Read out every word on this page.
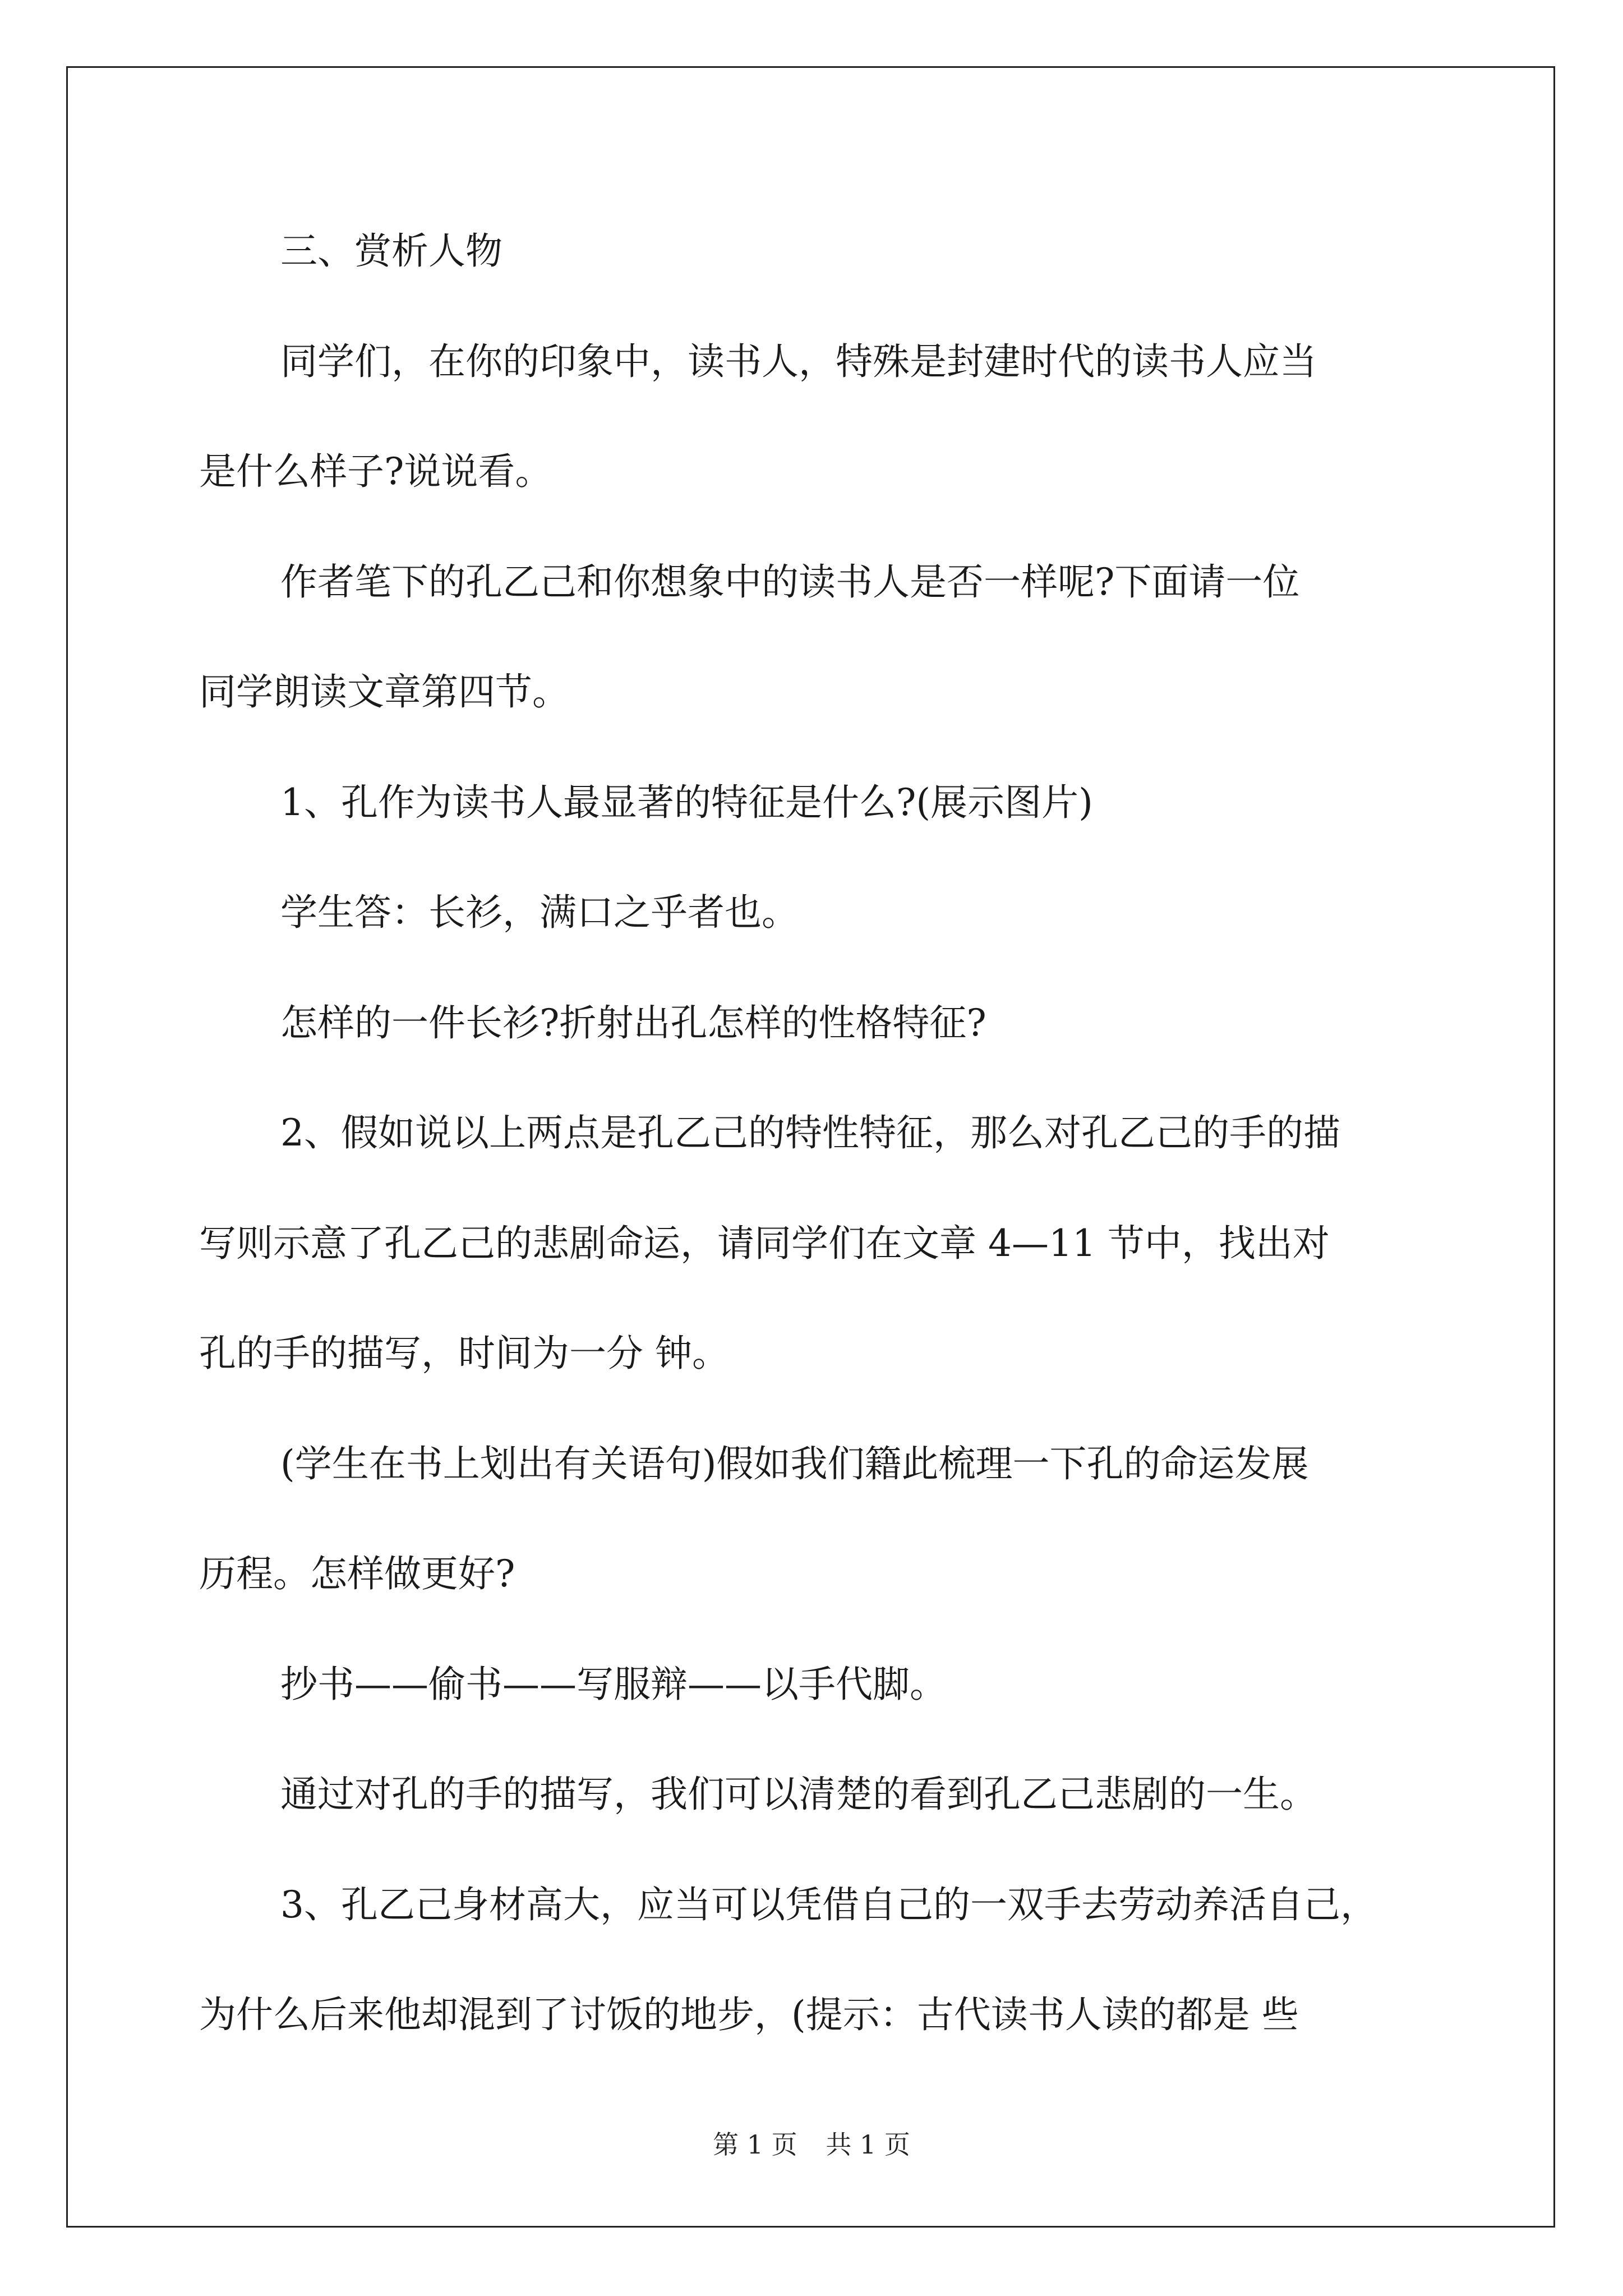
三、赏析人物
同学们，在你的印象中，读书人，特殊是封建时代的读书人应当
是什么样子?说说看。
作者笔下的孔乙己和你想象中的读书人是否一样呢?下面请一位
同学朗读文章第四节。
1、孔作为读书人最显著的特征是什么?(展示图片)
学生答：长衫，满口之乎者也。
怎样的一件长衫?折射出孔怎样的性格特征?
2、假如说以上两点是孔乙己的特性特征，那么对孔乙己的手的描
写则示意了孔乙己的悲剧命运，请同学们在文章 4—11 节中，找出对
孔的手的描写，时间为一分 钟。
(学生在书上划出有关语句)假如我们籍此梳理一下孔的命运发展
历程。怎样做更好?
抄书——偷书——写服辩——以手代脚。
通过对孔的手的描写，我们可以清楚的看到孔乙己悲剧的一生。
3、孔乙己身材高大，应当可以凭借自己的一双手去劳动养活自己，
为什么后来他却混到了讨饭的地步，(提示：古代读书人读的都是 些
第 1 页 共 1 页
